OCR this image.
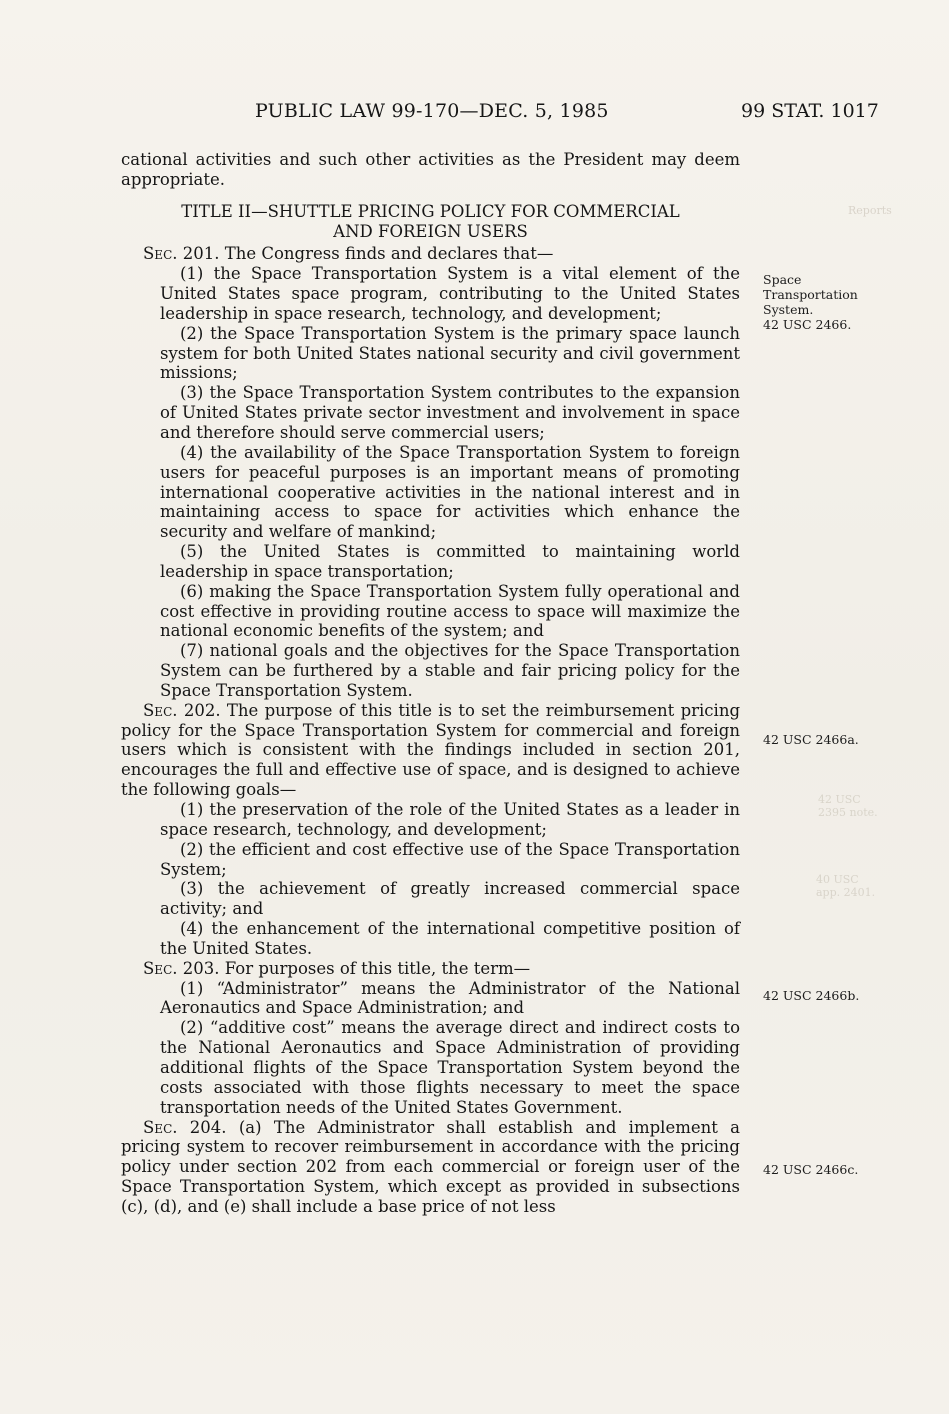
PUBLIC LAW 99-170—DEC. 5, 1985	99 STAT. 1017
Reports
42 USC 2395 note.
40 USC app. 2401.

cational activities and such other activities as the President may deem appropriate.

TITLE II—SHUTTLE PRICING POLICY FOR COMMERCIAL

AND FOREIGN USERS

Sec. 201. The Congress finds and declares that—

(1) the Space Transportation System is a vital element of the United States space program, contributing to the United States leadership in space research, technology, and development;

(2) the Space Transportation System is the primary space launch system for both United States national security and civil government missions;

(3) the Space Transportation System contributes to the expansion of United States private sector investment and involvement in space and therefore should serve commercial users;

(4) the availability of the Space Transportation System to foreign users for peaceful purposes is an important means of promoting international cooperative activities in the national interest and in maintaining access to space for activities which enhance the security and welfare of mankind;

(5) the United States is committed to maintaining world leadership in space transportation;

(6) making the Space Transportation System fully operational and cost effective in providing routine access to space will maximize the national economic benefits of the system; and

(7) national goals and the objectives for the Space Transportation System can be furthered by a stable and fair pricing policy for the Space Transportation System.

Sec. 202. The purpose of this title is to set the reimbursement pricing policy for the Space Transportation System for commercial and foreign users which is consistent with the findings included in section 201, encourages the full and effective use of space, and is designed to achieve the following goals—

(1) the preservation of the role of the United States as a leader in space research, technology, and development;

(2) the efficient and cost effective use of the Space Transportation System;

(3) the achievement of greatly increased commercial space activity; and

(4) the enhancement of the international competitive position of the United States.

Sec. 203. For purposes of this title, the term—

(1) “Administrator” means the Administrator of the National Aeronautics and Space Administration; and

(2) “additive cost” means the average direct and indirect costs to the National Aeronautics and Space Administration of providing additional flights of the Space Transportation System beyond the costs associated with those flights necessary to meet the space transportation needs of the United States Government.

Sec. 204. (a) The Administrator shall establish and implement a pricing system to recover reimbursement in accordance with the pricing policy under section 202 from each commercial or foreign user of the Space Transportation System, which except as provided in subsections (c), (d), and (e) shall include a base price of not less

Space
Transportation
System.
42 USC 2466.
42 USC 2466a.
42 USC 2466b.
42 USC 2466c.
